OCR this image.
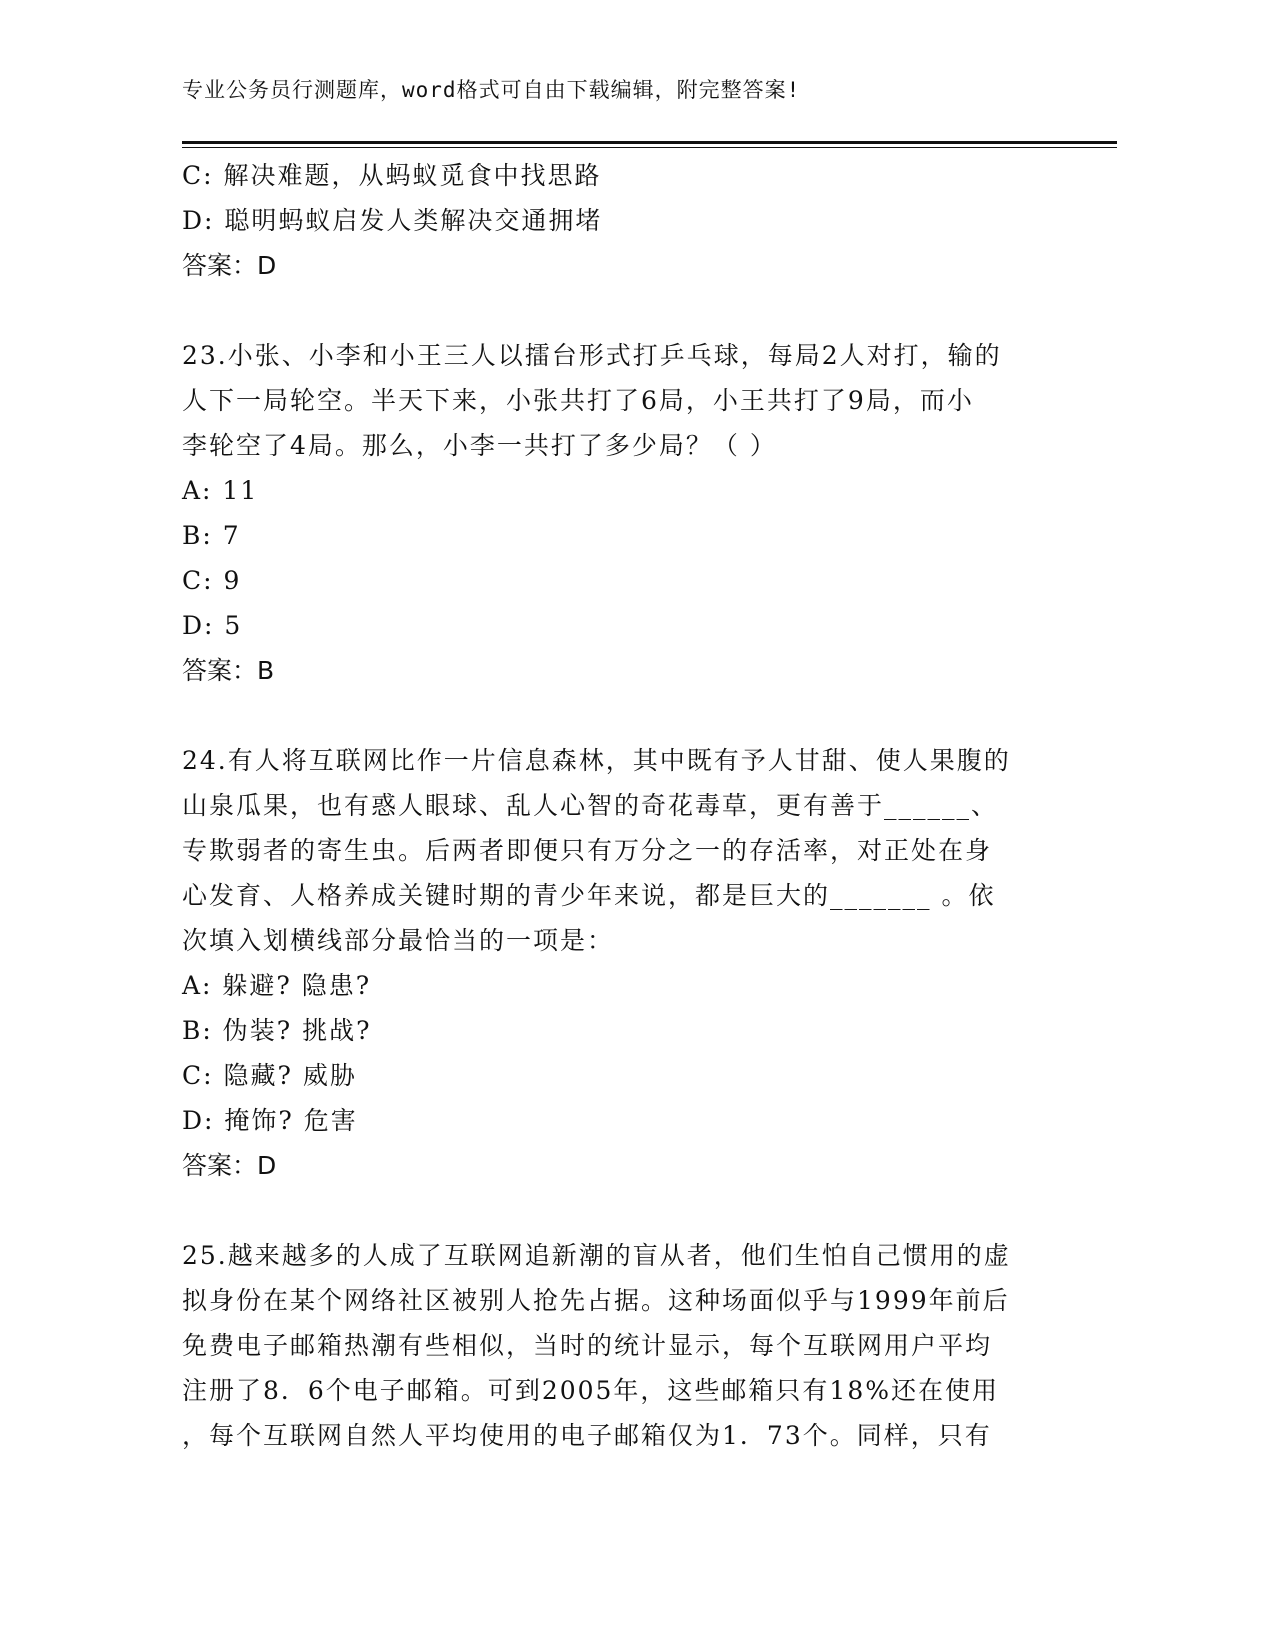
专业公务员行测题库，word格式可自由下载编辑，附完整答案!
C: 解决难题，从蚂蚁觅食中找思路
D: 聪明蚂蚁启发人类解决交通拥堵
答案：D
23.小张、小李和小王三人以擂台形式打乒乓球，每局2人对打，输的
人下一局轮空。半天下来，小张共打了6局，小王共打了9局，而小
李轮空了4局。那么，小李一共打了多少局？（ ）
A: 11
B: 7
C: 9
D: 5
答案：B
24.有人将互联网比作一片信息森林，其中既有予人甘甜、使人果腹的
山泉瓜果，也有惑人眼球、乱人心智的奇花毒草，更有善于______、
专欺弱者的寄生虫。后两者即便只有万分之一的存活率，对正处在身
心发育、人格养成关键时期的青少年来说，都是巨大的_______ 。依
次填入划横线部分最恰当的一项是：
A: 躲避? 隐患?
B: 伪装? 挑战?
C: 隐藏? 威胁
D: 掩饰? 危害
答案：D
25.越来越多的人成了互联网追新潮的盲从者，他们生怕自己惯用的虚
拟身份在某个网络社区被别人抢先占据。这种场面似乎与1999年前后
免费电子邮箱热潮有些相似，当时的统计显示，每个互联网用户平均
注册了8．6个电子邮箱。可到2005年，这些邮箱只有18%还在使用
，每个互联网自然人平均使用的电子邮箱仅为1．73个。同样，只有
